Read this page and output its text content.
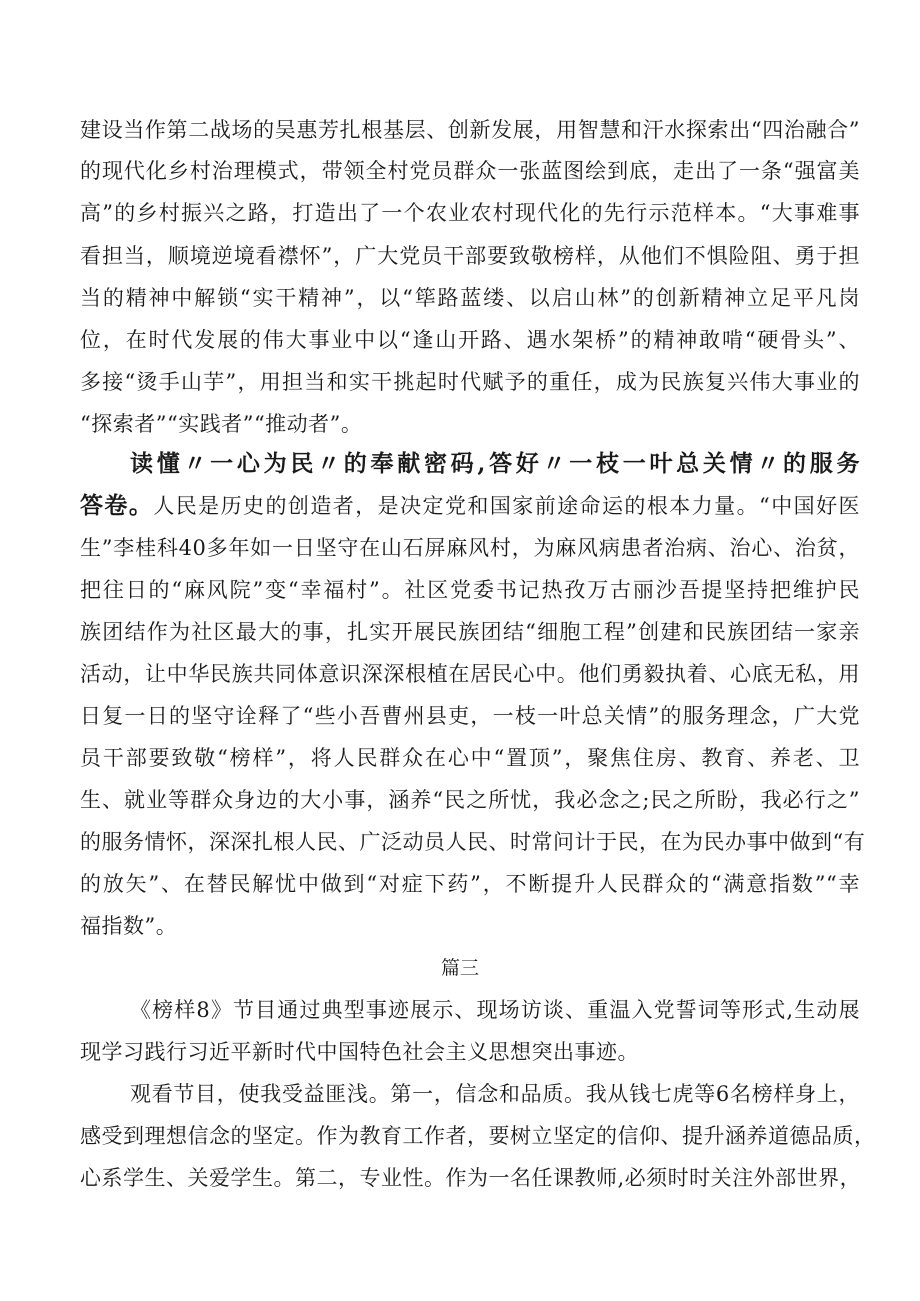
建设当作第二战场的吴惠芳扎根基层、创新发展，用智慧和汗水探索出“四治融合”
的现代化乡村治理模式，带领全村党员群众一张蓝图绘到底，走出了一条“强富美
高”的乡村振兴之路，打造出了一个农业农村现代化的先行示范样本。“大事难事
看担当，顺境逆境看襟怀”，广大党员干部要致敬榜样，从他们不惧险阻、勇于担
当的精神中解锁“实干精神”，以“筚路蓝缕、以启山林”的创新精神立足平凡岗
位，在时代发展的伟大事业中以“逢山开路、遇水架桥”的精神敢啃“硬骨头”、
多接“烫手山芋”，用担当和实干挑起时代赋予的重任，成为民族复兴伟大事业的
“探索者”“实践者”“推动者”。
读懂〃一心为民〃的奉献密码,答好〃一枝一叶总关情〃的服务
答卷。人民是历史的创造者，是决定党和国家前途命运的根本力量。“中国好医
生”李桂科40多年如一日坚守在山石屏麻风村，为麻风病患者治病、治心、治贫，
把往日的“麻风院”变“幸福村”。社区党委书记热孜万古丽沙吾提坚持把维护民
族团结作为社区最大的事，扎实开展民族团结“细胞工程”创建和民族团结一家亲
活动，让中华民族共同体意识深深根植在居民心中。他们勇毅执着、心底无私，用
日复一日的坚守诠释了“些小吾曹州县吏，一枝一叶总关情”的服务理念，广大党
员干部要致敬“榜样”，将人民群众在心中“置顶”，聚焦住房、教育、养老、卫
生、就业等群众身边的大小事，涵养“民之所忧，我必念之;民之所盼，我必行之”
的服务情怀，深深扎根人民、广泛动员人民、时常问计于民，在为民办事中做到“有
的放矢”、在替民解忧中做到“对症下药”，不断提升人民群众的“满意指数”“幸
福指数”。
篇三
《榜样8》节目通过典型事迹展示、现场访谈、重温入党誓词等形式,生动展
现学习践行习近平新时代中国特色社会主义思想突出事迹。
观看节目，使我受益匪浅。第一，信念和品质。我从钱七虎等6名榜样身上，
感受到理想信念的坚定。作为教育工作者，要树立坚定的信仰、提升涵养道德品质，
心系学生、关爱学生。第二，专业性。作为一名任课教师,必须时时关注外部世界，
